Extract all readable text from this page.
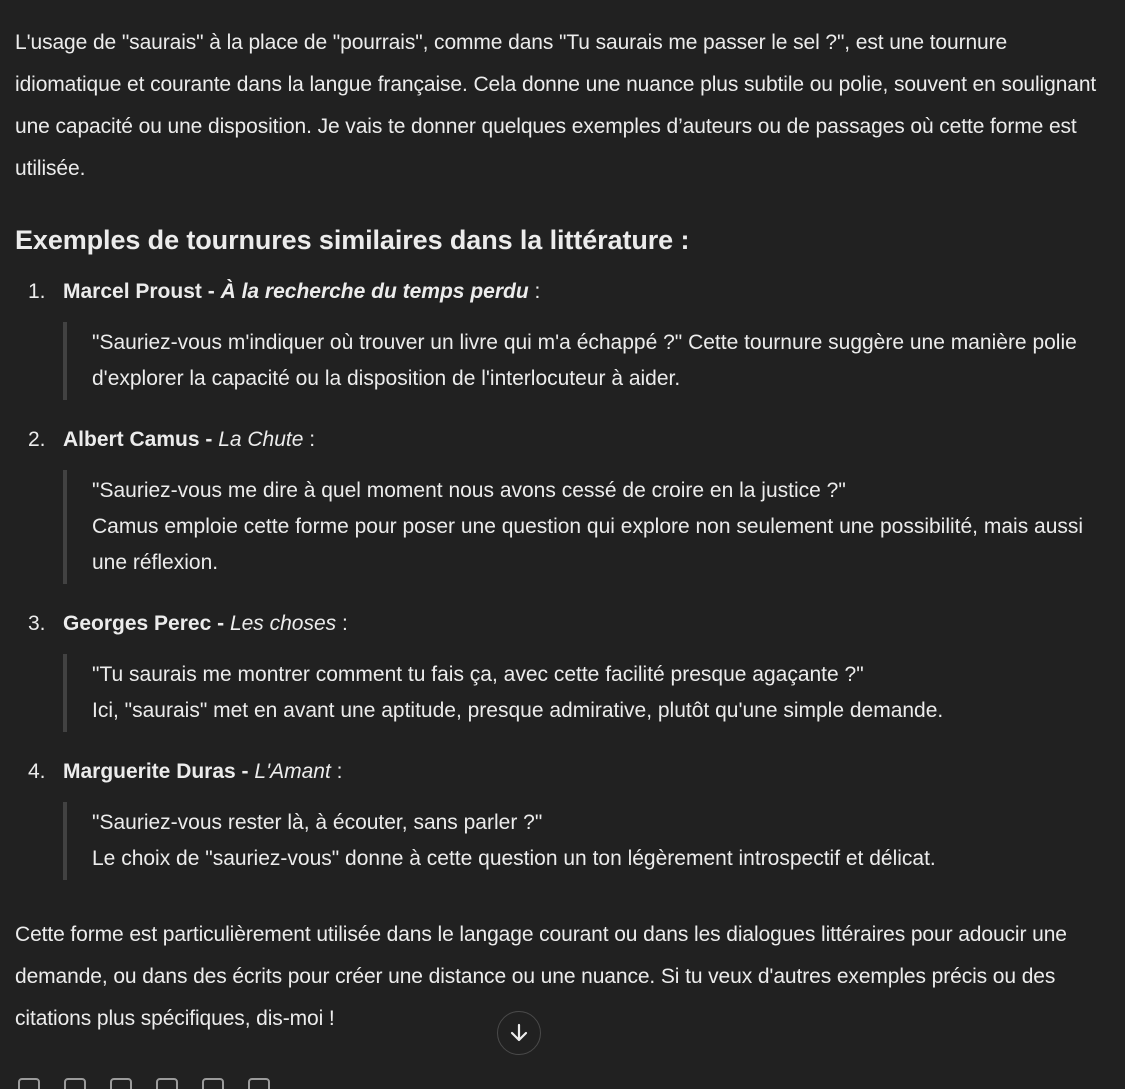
L'usage de "saurais" à la place de "pourrais", comme dans "Tu saurais me passer le sel ?", est une tournure idiomatique et courante dans la langue française. Cela donne une nuance plus subtile ou polie, souvent en soulignant une capacité ou une disposition. Je vais te donner quelques exemples d’auteurs ou de passages où cette forme est utilisée.

Exemples de tournures similaires dans la littérature :
1. Marcel Proust - À la recherche du temps perdu :

"Sauriez-vous m'indiquer où trouver un livre qui m'a échappé ?" Cette tournure suggère une manière polie d'explorer la capacité ou la disposition de l'interlocuteur à aider.

2. Albert Camus - La Chute :

"Sauriez-vous me dire à quel moment nous avons cessé de croire en la justice ?"

Camus emploie cette forme pour poser une question qui explore non seulement une possibilité, mais aussi une réflexion.

3. Georges Perec - Les choses :

"Tu saurais me montrer comment tu fais ça, avec cette facilité presque agaçante ?"

Ici, "saurais" met en avant une aptitude, presque admirative, plutôt qu'une simple demande.

4. Marguerite Duras - L'Amant :

"Sauriez-vous rester là, à écouter, sans parler ?"

Le choix de "sauriez-vous" donne à cette question un ton légèrement introspectif et délicat.

Cette forme est particulièrement utilisée dans le langage courant ou dans les dialogues littéraires pour adoucir une demande, ou dans des écrits pour créer une distance ou une nuance. Si tu veux d'autres exemples précis ou des citations plus spécifiques, dis-moi !
